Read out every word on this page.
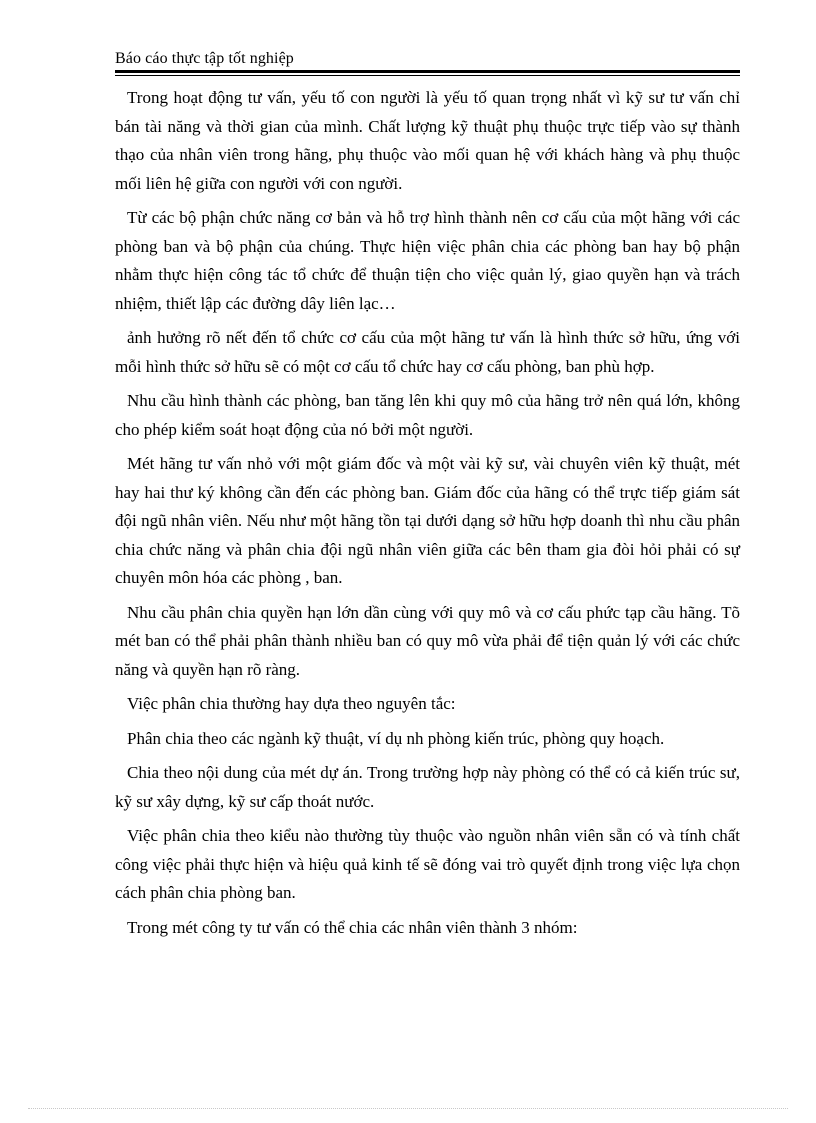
Báo cáo thực tập tốt nghiệp

Trong hoạt động tư vấn, yếu tố con người là yếu tố quan trọng nhất vì kỹ sư tư vấn chỉ bán tài năng và thời gian của mình. Chất lượng kỹ thuật phụ thuộc trực tiếp vào sự thành thạo của nhân viên trong hãng, phụ thuộc vào mối quan hệ với khách hàng và phụ thuộc mối liên hệ giữa con người với con người.

Từ các bộ phận chức năng cơ bản và hỗ trợ hình thành nên cơ cấu của một hãng với các phòng ban và bộ phận của chúng. Thực hiện việc phân chia các phòng ban hay bộ phận nhằm thực hiện công tác tổ chức để thuận tiện cho việc quản lý, giao quyền hạn và trách nhiệm, thiết lập các đường dây liên lạc…

ảnh hưởng rõ nết đến tổ chức cơ cấu của một hãng tư vấn là hình thức sở hữu, ứng với mỗi hình thức sở hữu sẽ có một cơ cấu tổ chức hay cơ cấu phòng, ban phù hợp.

Nhu cầu hình thành các phòng, ban tăng lên khi quy mô của hãng trở nên quá lớn, không cho phép kiểm soát hoạt động của nó bởi một người.

Mét hãng tư vấn nhỏ với một giám đốc và một vài kỹ sư, vài chuyên viên kỹ thuật, mét hay hai thư ký không cần đến các phòng ban. Giám đốc của hãng có thể trực tiếp giám sát đội ngũ nhân viên. Nếu như một hãng tồn tại dưới dạng sở hữu hợp doanh thì nhu cầu phân chia chức năng và phân chia đội ngũ nhân viên giữa các bên tham gia đòi hỏi phải có sự chuyên môn hóa các phòng , ban.

Nhu cầu phân chia quyền hạn lớn dần cùng với quy mô và cơ cấu phức tạp cầu hãng. Tõ mét ban có thể phải phân thành nhiều ban có quy mô vừa phải để tiện quản lý với các chức năng và quyền hạn rõ ràng.

Việc phân chia thường hay dựa theo nguyên tắc:

Phân chia theo các ngành kỹ thuật, ví dụ nh phòng kiến trúc, phòng quy hoạch.

Chia theo nội dung của mét dự án. Trong trường hợp này phòng có thể có cả kiến trúc sư, kỹ sư xây dựng, kỹ sư cấp thoát nước.

Việc phân chia theo kiểu nào thường tùy thuộc vào nguồn nhân viên sẵn có và tính chất công việc phải thực hiện và hiệu quả kinh tế sẽ đóng vai trò quyết định trong việc lựa chọn cách phân chia phòng ban.

Trong mét công ty tư vấn có thể chia các nhân viên thành 3 nhóm:
